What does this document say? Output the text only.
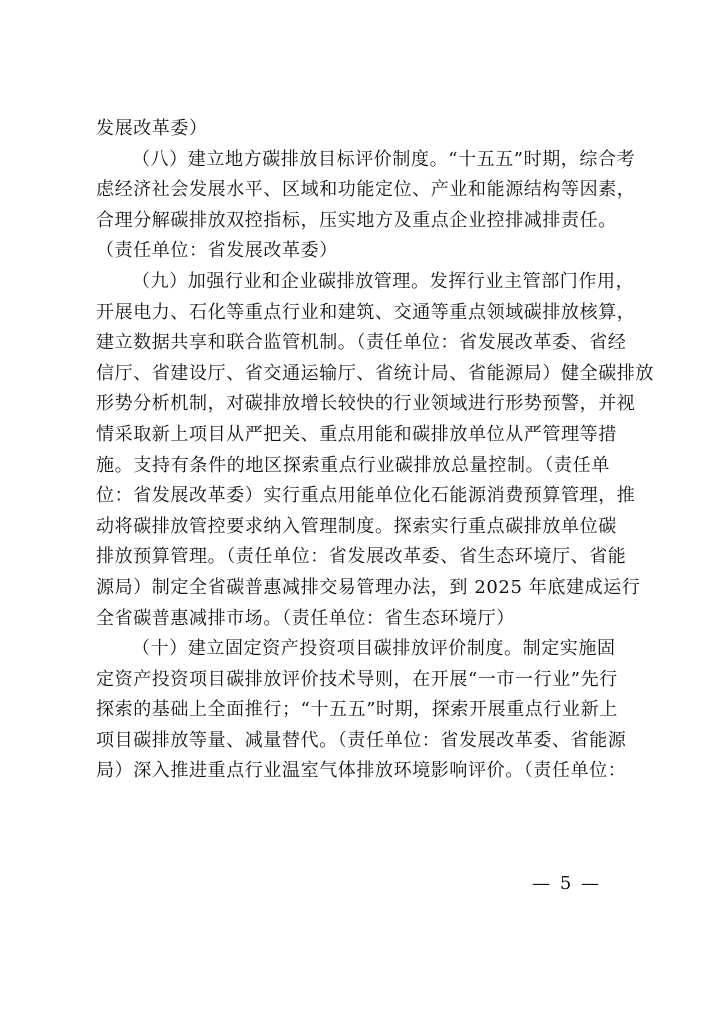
发展改革委）
（八）建立地方碳排放目标评价制度。“十五五”时期，综合考
虑经济社会发展水平、区域和功能定位、产业和能源结构等因素，
合理分解碳排放双控指标，压实地方及重点企业控排减排责任。
（责任单位：省发展改革委）
（九）加强行业和企业碳排放管理。发挥行业主管部门作用，
开展电力、石化等重点行业和建筑、交通等重点领域碳排放核算，
建立数据共享和联合监管机制。（责任单位：省发展改革委、省经
信厅、省建设厅、省交通运输厅、省统计局、省能源局）健全碳排放
形势分析机制，对碳排放增长较快的行业领域进行形势预警，并视
情采取新上项目从严把关、重点用能和碳排放单位从严管理等措
施。支持有条件的地区探索重点行业碳排放总量控制。（责任单
位：省发展改革委）实行重点用能单位化石能源消费预算管理，推
动将碳排放管控要求纳入管理制度。探索实行重点碳排放单位碳
排放预算管理。（责任单位：省发展改革委、省生态环境厅、省能
源局）制定全省碳普惠减排交易管理办法，到 2025 年底建成运行
全省碳普惠减排市场。（责任单位：省生态环境厅）
（十）建立固定资产投资项目碳排放评价制度。制定实施固
定资产投资项目碳排放评价技术导则，在开展“一市一行业”先行
探索的基础上全面推行；“十五五”时期，探索开展重点行业新上
项目碳排放等量、减量替代。（责任单位：省发展改革委、省能源
局）深入推进重点行业温室气体排放环境影响评价。（责任单位：
— 5 —
